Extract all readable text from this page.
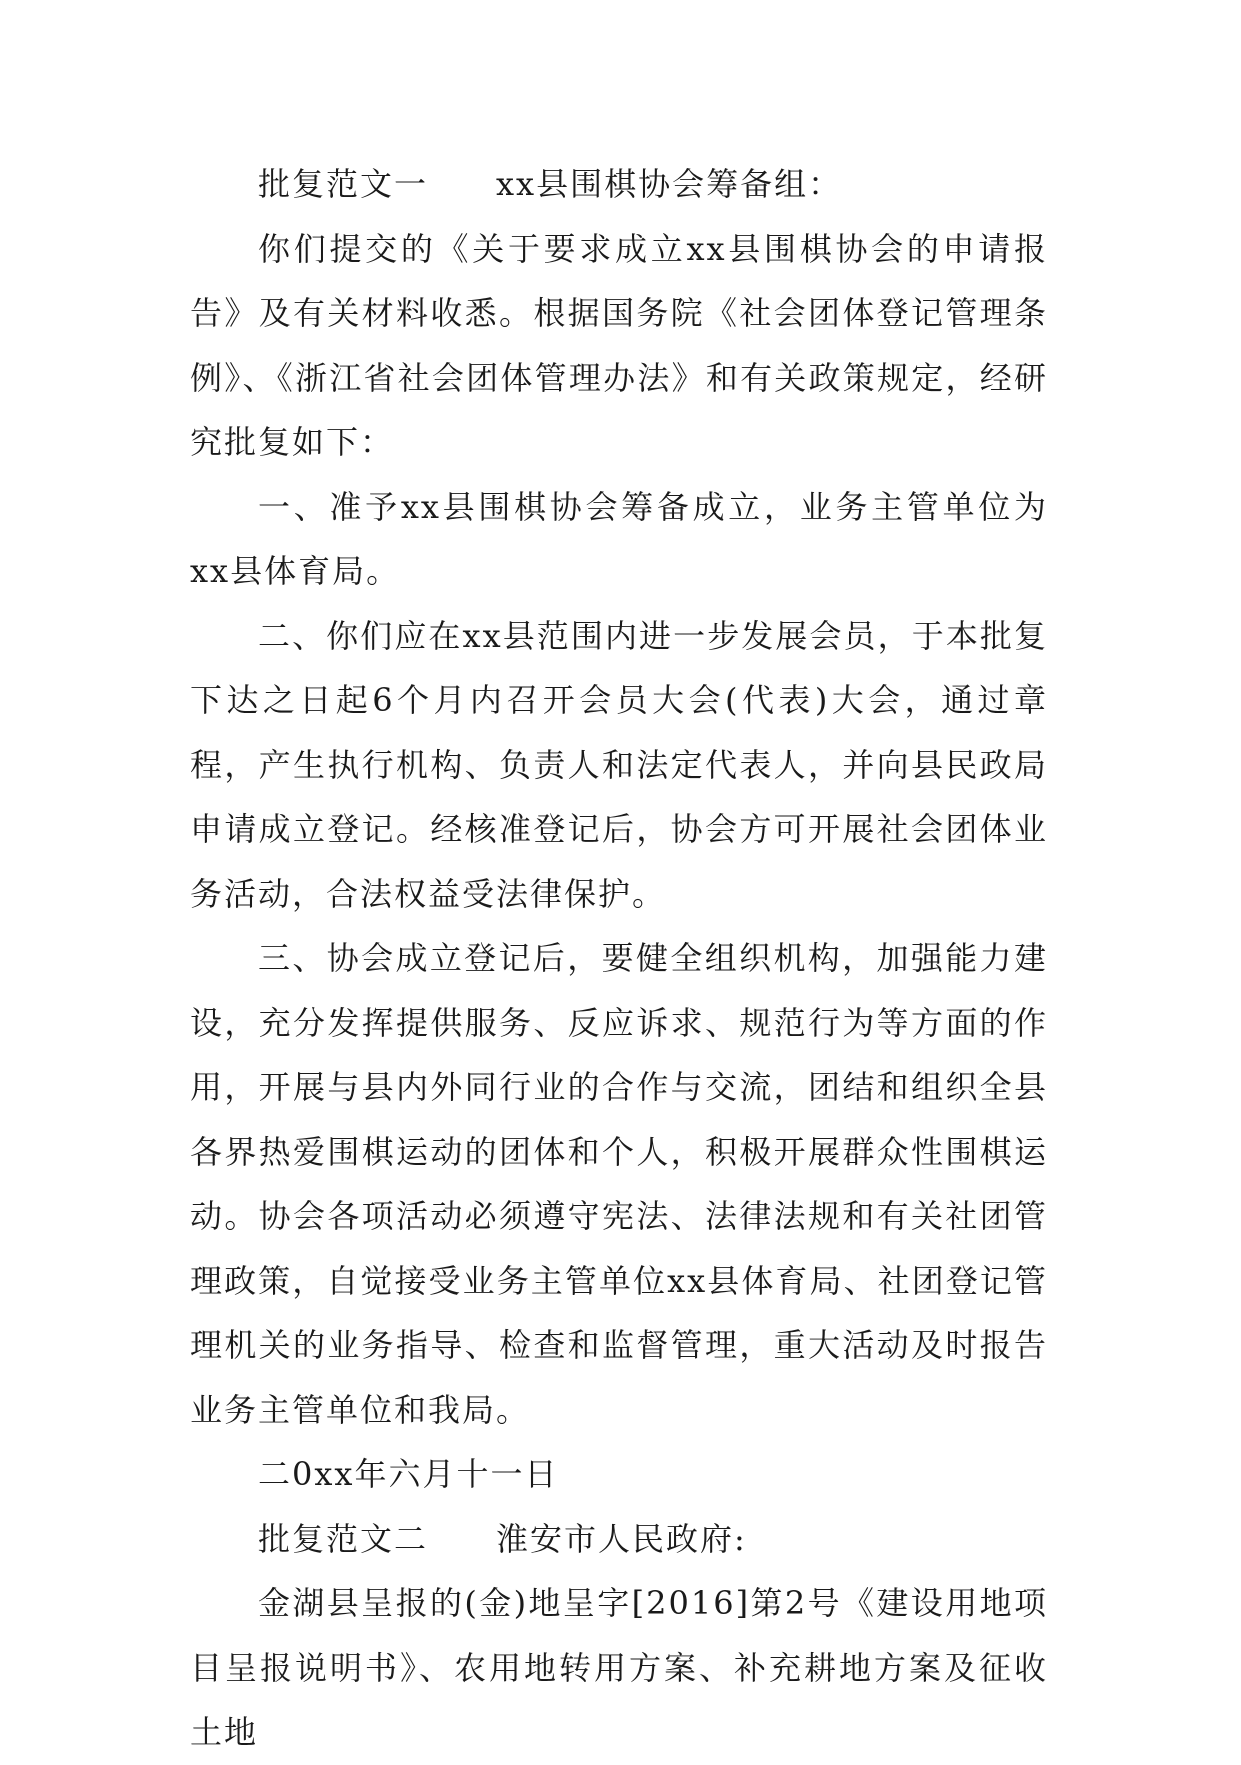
批复范文一　　xx县围棋协会筹备组：

你们提交的《关于要求成立xx县围棋协会的申请报告》及有关材料收悉。根据国务院《社会团体登记管理条例》、《浙江省社会团体管理办法》和有关政策规定，经研究批复如下：

一、准予xx县围棋协会筹备成立，业务主管单位为xx县体育局。

二、你们应在xx县范围内进一步发展会员，于本批复下达之日起6个月内召开会员大会(代表)大会，通过章程，产生执行机构、负责人和法定代表人，并向县民政局申请成立登记。经核准登记后，协会方可开展社会团体业务活动，合法权益受法律保护。

三、协会成立登记后，要健全组织机构，加强能力建设，充分发挥提供服务、反应诉求、规范行为等方面的作用，开展与县内外同行业的合作与交流，团结和组织全县各界热爱围棋运动的团体和个人，积极开展群众性围棋运动。协会各项活动必须遵守宪法、法律法规和有关社团管理政策，自觉接受业务主管单位xx县体育局、社团登记管理机关的业务指导、检查和监督管理，重大活动及时报告业务主管单位和我局。

二0xx年六月十一日

批复范文二　　淮安市人民政府:

金湖县呈报的(金)地呈字[2016]第2号《建设用地项目呈报说明书》、农用地转用方案、补充耕地方案及征收土地
